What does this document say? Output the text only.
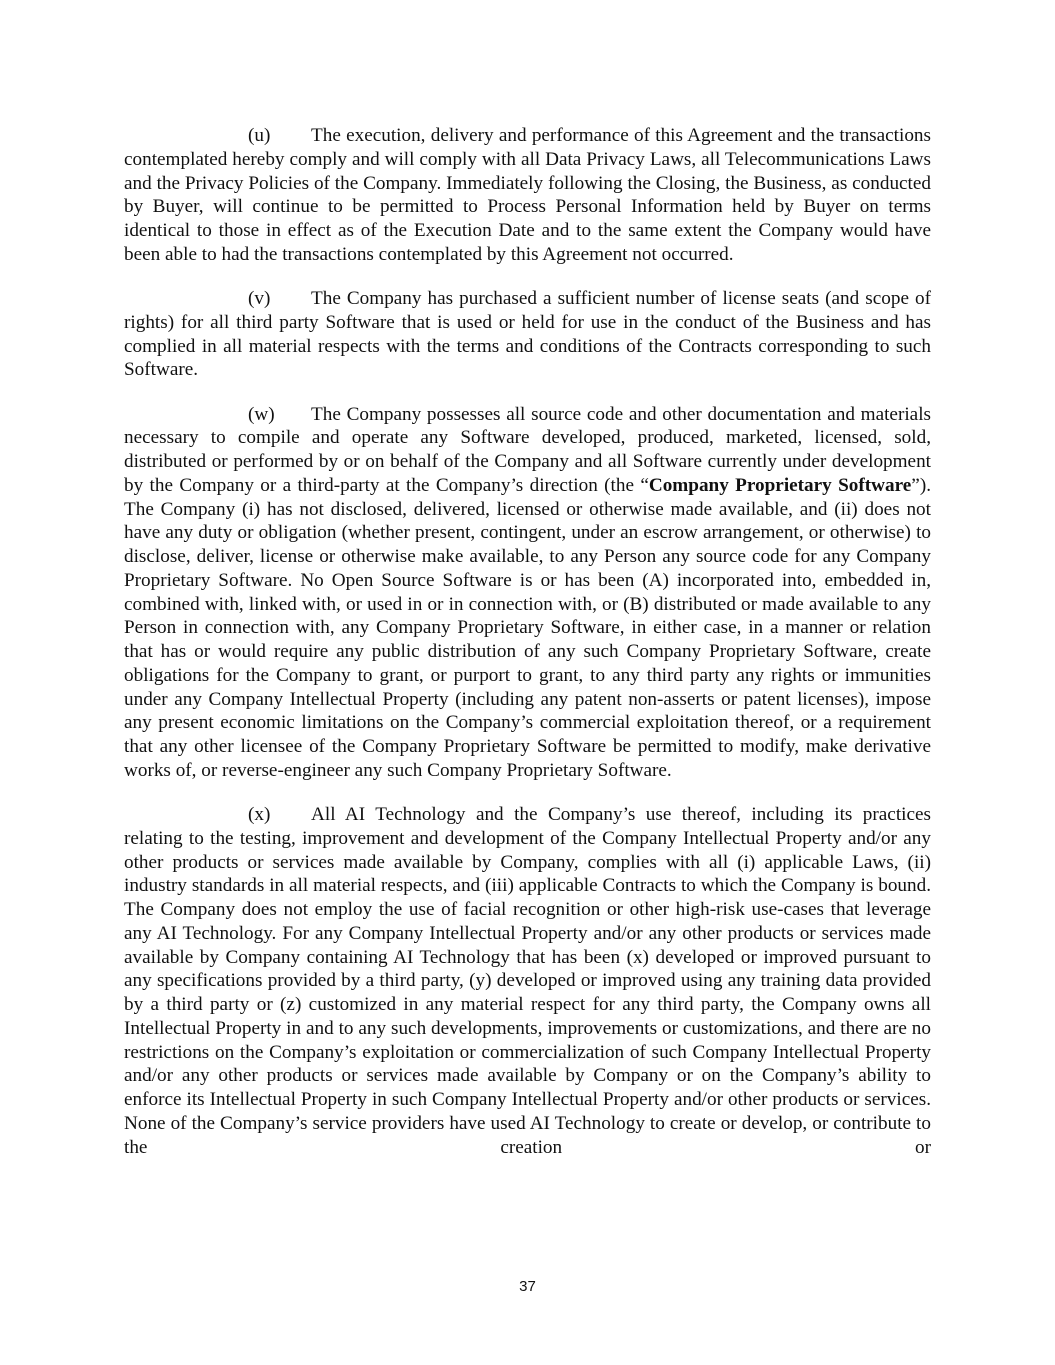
(u) The execution, delivery and performance of this Agreement and the transactions contemplated hereby comply and will comply with all Data Privacy Laws, all Telecommunications Laws and the Privacy Policies of the Company. Immediately following the Closing, the Business, as conducted by Buyer, will continue to be permitted to Process Personal Information held by Buyer on terms identical to those in effect as of the Execution Date and to the same extent the Company would have been able to had the transactions contemplated by this Agreement not occurred.

(v) The Company has purchased a sufficient number of license seats (and scope of rights) for all third party Software that is used or held for use in the conduct of the Business and has complied in all material respects with the terms and conditions of the Contracts corresponding to such Software.

(w) The Company possesses all source code and other documentation and materials necessary to compile and operate any Software developed, produced, marketed, licensed, sold, distributed or performed by or on behalf of the Company and all Software currently under development by the Company or a third-party at the Company’s direction (the “Company Proprietary Software”). The Company (i) has not disclosed, delivered, licensed or otherwise made available, and (ii) does not have any duty or obligation (whether present, contingent, under an escrow arrangement, or otherwise) to disclose, deliver, license or otherwise make available, to any Person any source code for any Company Proprietary Software. No Open Source Software is or has been (A) incorporated into, embedded in, combined with, linked with, or used in or in connection with, or (B) distributed or made available to any Person in connection with, any Company Proprietary Software, in either case, in a manner or relation that has or would require any public distribution of any such Company Proprietary Software, create obligations for the Company to grant, or purport to grant, to any third party any rights or immunities under any Company Intellectual Property (including any patent non-asserts or patent licenses), impose any present economic limitations on the Company’s commercial exploitation thereof, or a requirement that any other licensee of the Company Proprietary Software be permitted to modify, make derivative works of, or reverse-engineer any such Company Proprietary Software.

(x) All AI Technology and the Company’s use thereof, including its practices relating to the testing, improvement and development of the Company Intellectual Property and/or any other products or services made available by Company, complies with all (i) applicable Laws, (ii) industry standards in all material respects, and (iii) applicable Contracts to which the Company is bound. The Company does not employ the use of facial recognition or other high-risk use-cases that leverage any AI Technology. For any Company Intellectual Property and/or any other products or services made available by Company containing AI Technology that has been (x) developed or improved pursuant to any specifications provided by a third party, (y) developed or improved using any training data provided by a third party or (z) customized in any material respect for any third party, the Company owns all Intellectual Property in and to any such developments, improvements or customizations, and there are no restrictions on the Company’s exploitation or commercialization of such Company Intellectual Property and/or any other products or services made available by Company or on the Company’s ability to enforce its Intellectual Property in such Company Intellectual Property and/or other products or services. None of the Company’s service providers have used AI Technology to create or develop, or contribute to the creation or

37
